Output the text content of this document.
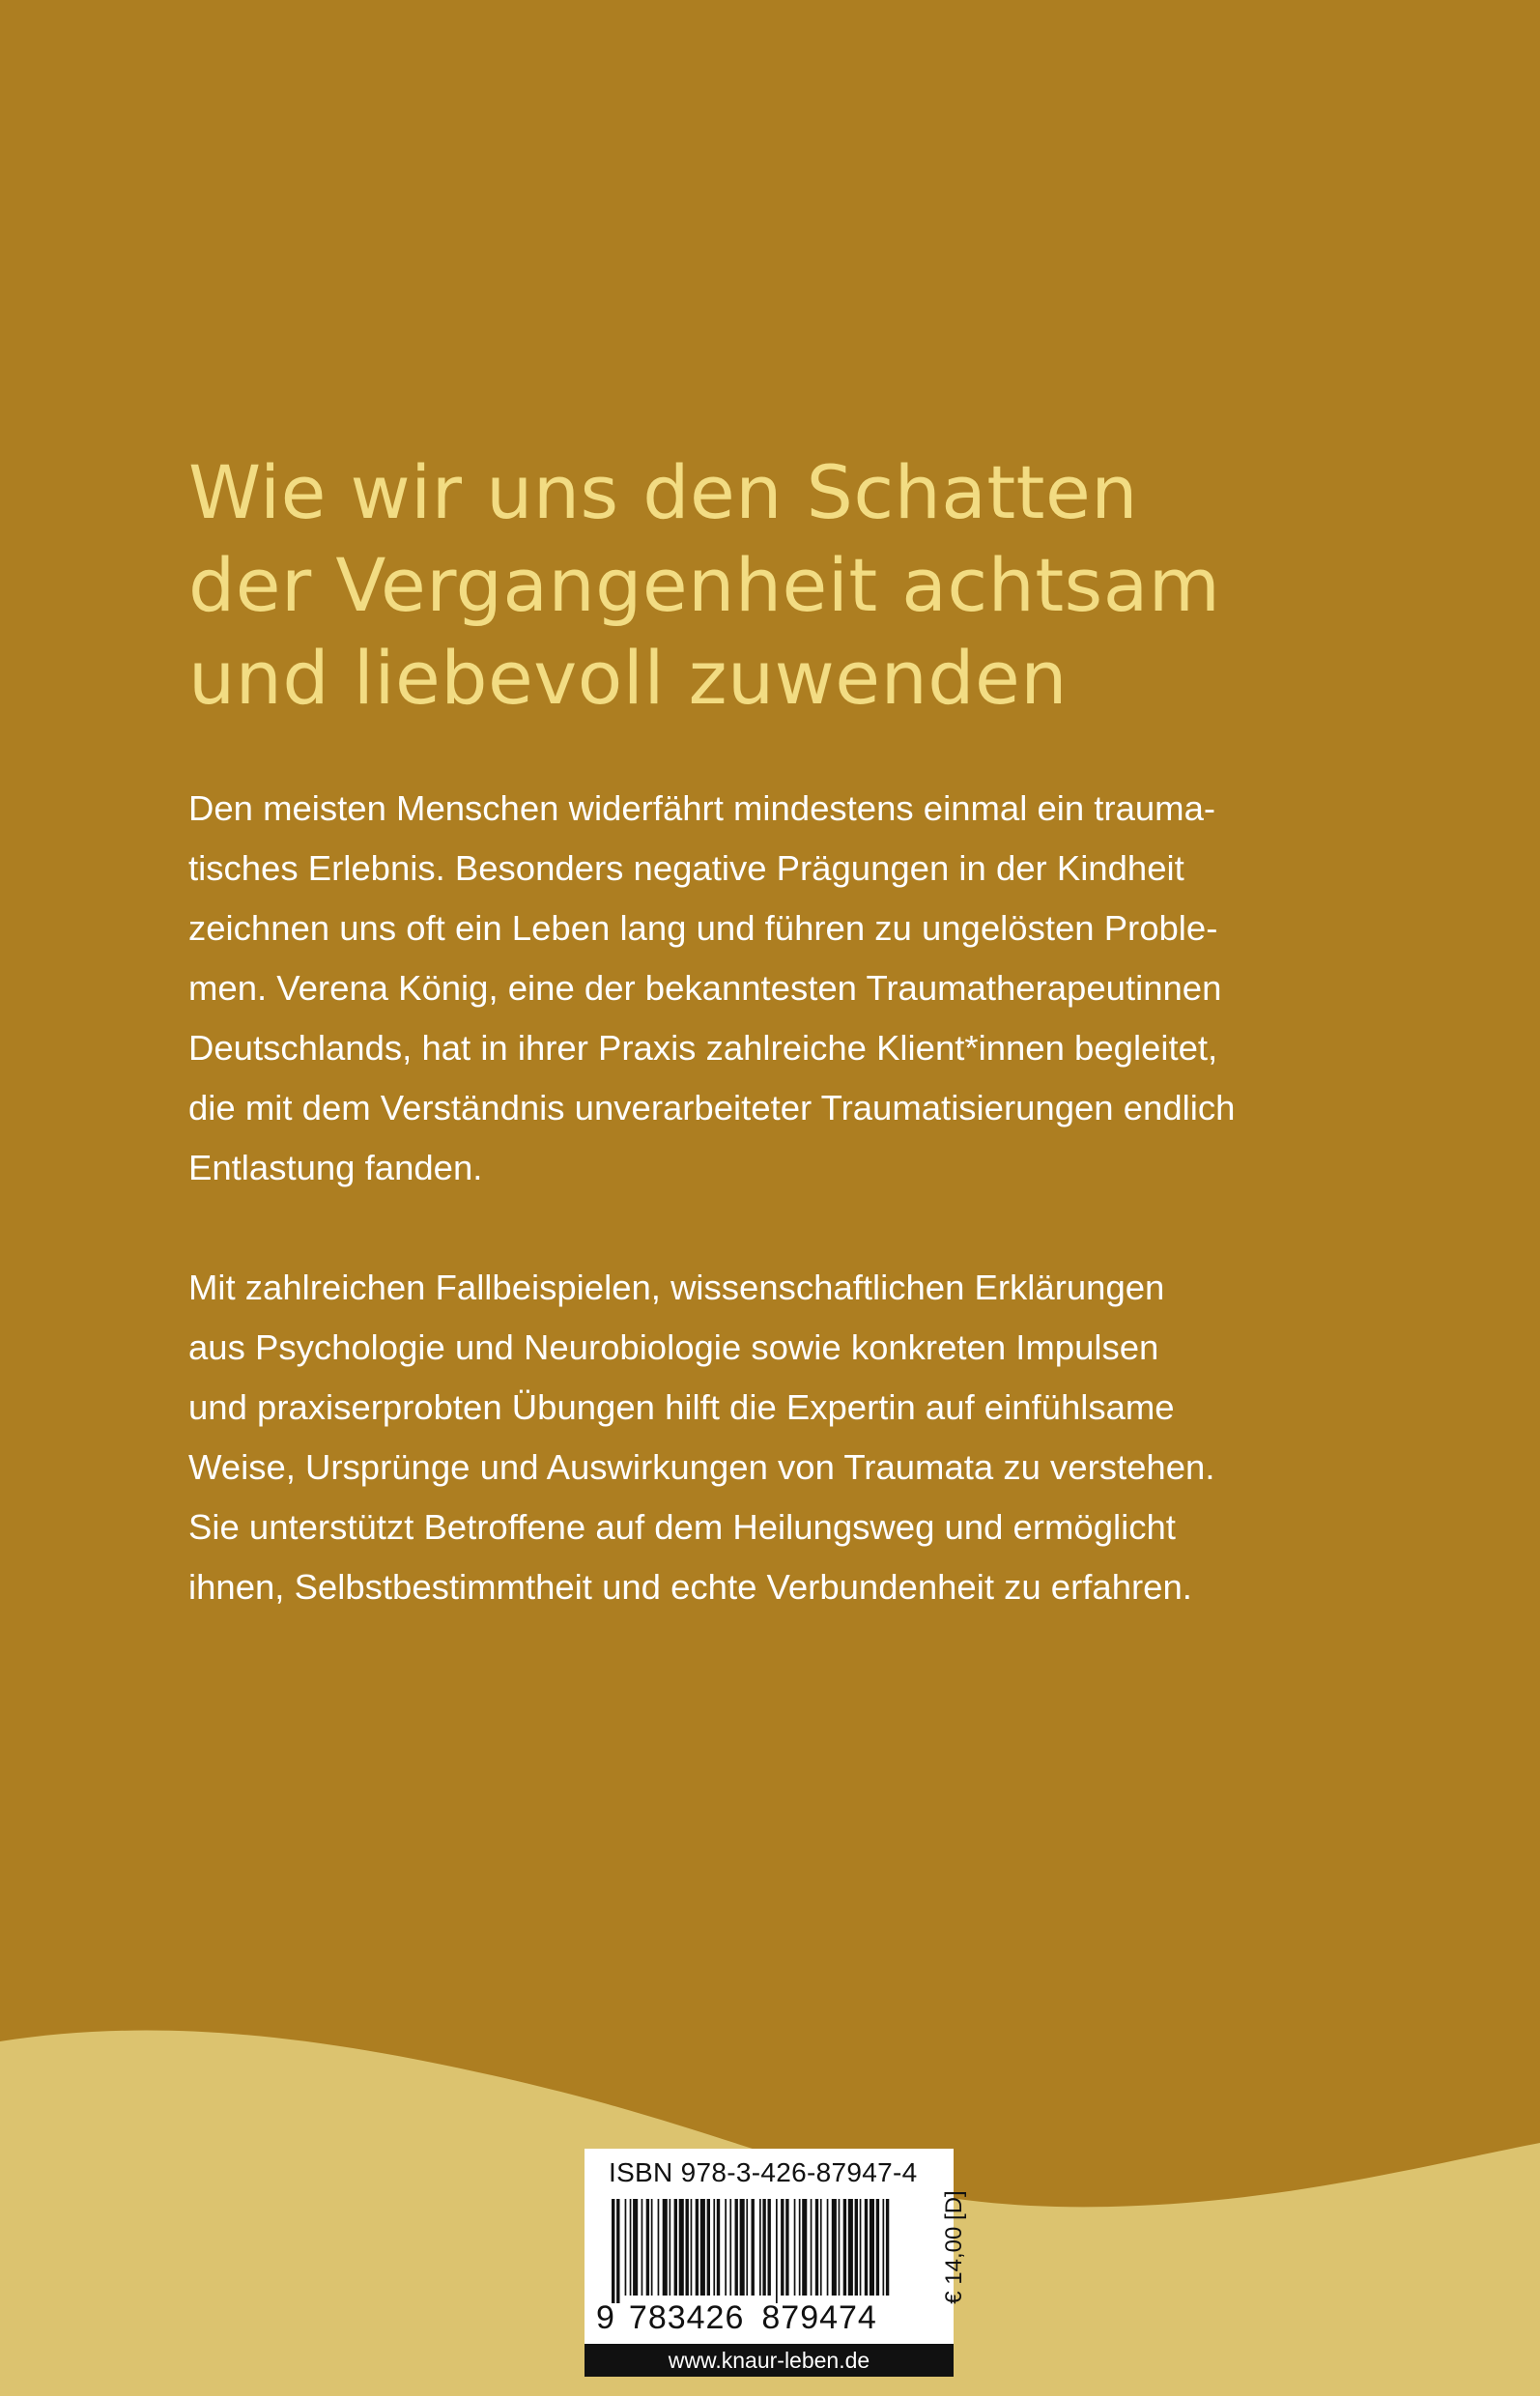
Wie wir uns den Schatten
der Vergangenheit achtsam
und liebevoll zuwenden

Den meisten Menschen widerfährt mindestens einmal ein trauma-
tisches Erlebnis. Besonders negative Prägungen in der Kindheit
zeichnen uns oft ein Leben lang und führen zu ungelösten Proble-
men. Verena König, eine der bekanntesten Traumatherapeutinnen
Deutschlands, hat in ihrer Praxis zahlreiche Klient*innen begleitet,
die mit dem Verständnis unverarbeiteter Traumatisierungen endlich
Entlastung fanden.

Mit zahlreichen Fallbeispielen, wissenschaftlichen Erklärungen
aus Psychologie und Neurobiologie sowie konkreten Impulsen
und praxiserprobten Übungen hilft die Expertin auf einfühlsame
Weise, Ursprünge und Auswirkungen von Traumata zu verstehen.
Sie unterstützt Betroffene auf dem Heilungsweg und ermöglicht
ihnen, Selbstbestimmtheit und echte Verbundenheit zu erfahren.

ISBN 978-3-426-87947-4
9 783426 879474
€ 14,00 [D]
www.knaur-leben.de
